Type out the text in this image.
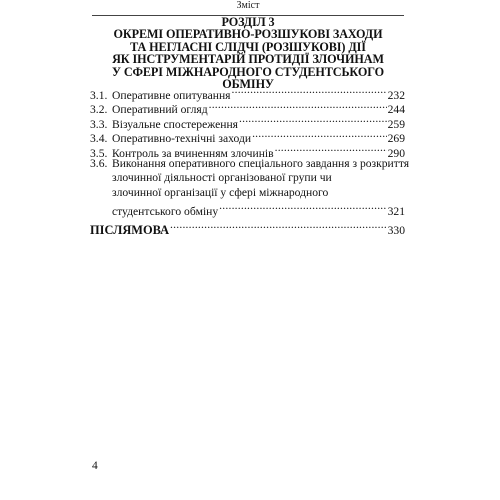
Зміст
РОЗДІЛ 3
ОКРЕМІ ОПЕРАТИВНО-РОЗШУКОВІ ЗАХОДИ
ТА НЕГЛАСНІ СЛІДЧІ (РОЗШУКОВІ) ДІЇ
ЯК ІНСТРУМЕНТАРІЙ ПРОТИДІЇ ЗЛОЧИНАМ
У СФЕРІ МІЖНАРОДНОГО СТУДЕНТСЬКОГО
ОБМІНУ
3.1. Оперативне опитування .....	232
3.2. Оперативний огляд .....	244
3.3. Візуальне спостереження .....	259
3.4. Оперативно-технічні заходи .....	269
3.5. Контроль за вчиненням злочинів .....	290
3.6. Виконання оперативного спеціального завдання з розкриття
злочинної діяльності організованої групи чи
злочинної організації у сфері міжнародного
студентського обміну .....	321
ПІСЛЯМОВА .....	330
4
